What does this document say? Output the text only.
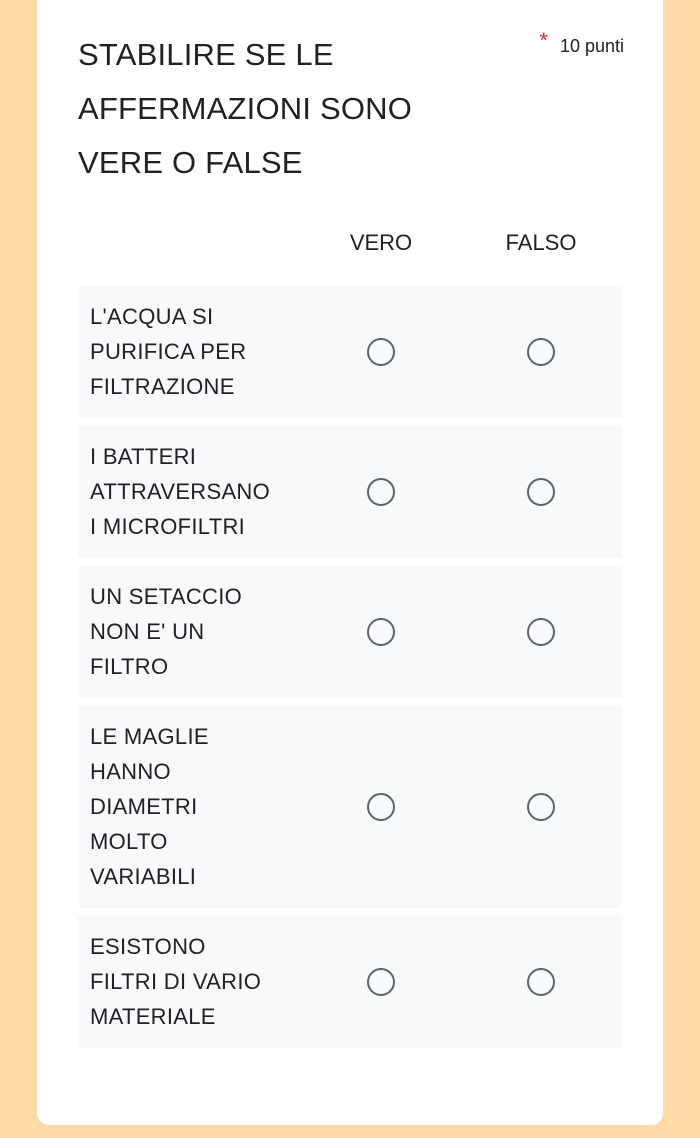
STABILIRE SE LE AFFERMAZIONI SONO VERE O FALSE
* 10 punti
VERO	FALSO
L'ACQUA SI PURIFICA PER FILTRAZIONE
I BATTERI ATTRAVERSANO I MICROFILTRI
UN SETACCIO NON E' UN FILTRO
LE MAGLIE HANNO DIAMETRI MOLTO VARIABILI
ESISTONO FILTRI DI VARIO MATERIALE
